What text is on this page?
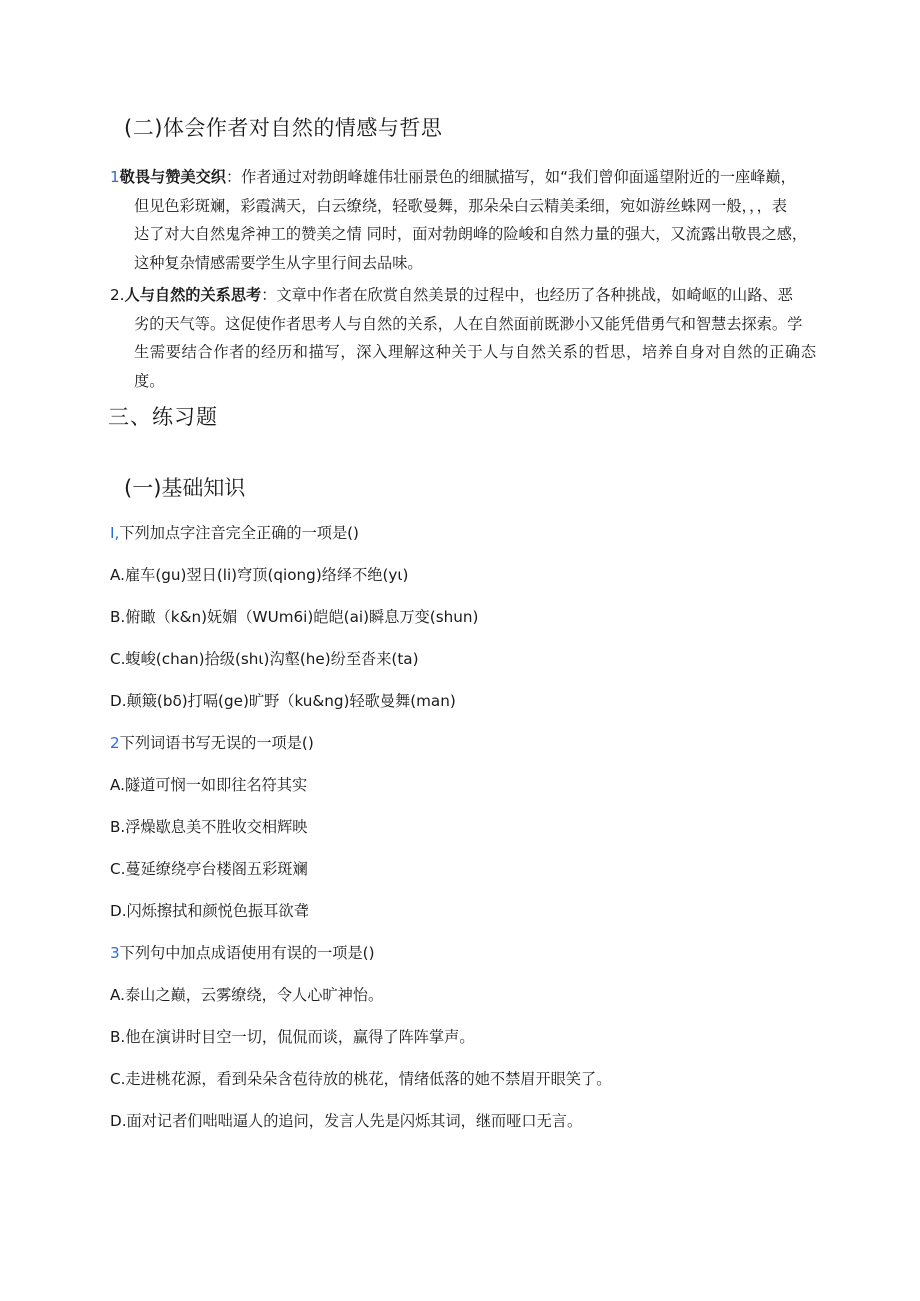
(二)体会作者对自然的情感与哲思
1敬畏与赞美交织：作者通过对勃朗峰雄伟壮丽景色的细腻描写，如“我们曾仰面遥望附近的一座峰巅，
但见色彩斑斓，彩霞满天，白云缭绕，轻歌曼舞，那朵朵白云精美柔细，宛如游丝蛛网一般，，，表
达了对大自然鬼斧神工的赞美之情 同时，面对勃朗峰的险峻和自然力量的强大，又流露出敬畏之感，
这种复杂情感需要学生从字里行间去品味。
2.人与自然的关系思考：文章中作者在欣赏自然美景的过程中，也经历了各种挑战，如崎岖的山路、恶
劣的天气等。这促使作者思考人与自然的关系，人在自然面前既渺小又能凭借勇气和智慧去探索。学
生需要结合作者的经历和描写，深入理解这种关于人与自然关系的哲思，培养自身对自然的正确态度。
三、练习题
(一)基础知识
I,下列加点字注音完全正确的一项是()
A.雇车(gu)翌日(li)穹顶(qiong)络绎不绝(yι)
B.俯瞰（k&n)妩媚（WUm6i)皑皑(ai)瞬息万变(shun)
C.蝮峻(chan)拾级(shι)沟壑(he)纷至沓来(ta)
D.颠簸(bδ)打嗝(ge)旷野（ku&ng)轻歌曼舞(man)
2下列词语书写无误的一项是()
A.隧道可悯一如即往名符其实
B.浮燥歇息美不胜收交相辉映
C.蔓延缭绕亭台楼阁五彩斑斓
D.闪烁擦拭和颜悦色振耳欲聋
3下列句中加点成语使用有误的一项是()
A.泰山之巅，云雾缭绕，令人心旷神怡。
B.他在演讲时目空一切，侃侃而谈，赢得了阵阵掌声。
C.走进桃花源，看到朵朵含苞待放的桃花，情绪低落的她不禁眉开眼笑了。
D.面对记者们咄咄逼人的追问，发言人先是闪烁其词，继而哑口无言。
